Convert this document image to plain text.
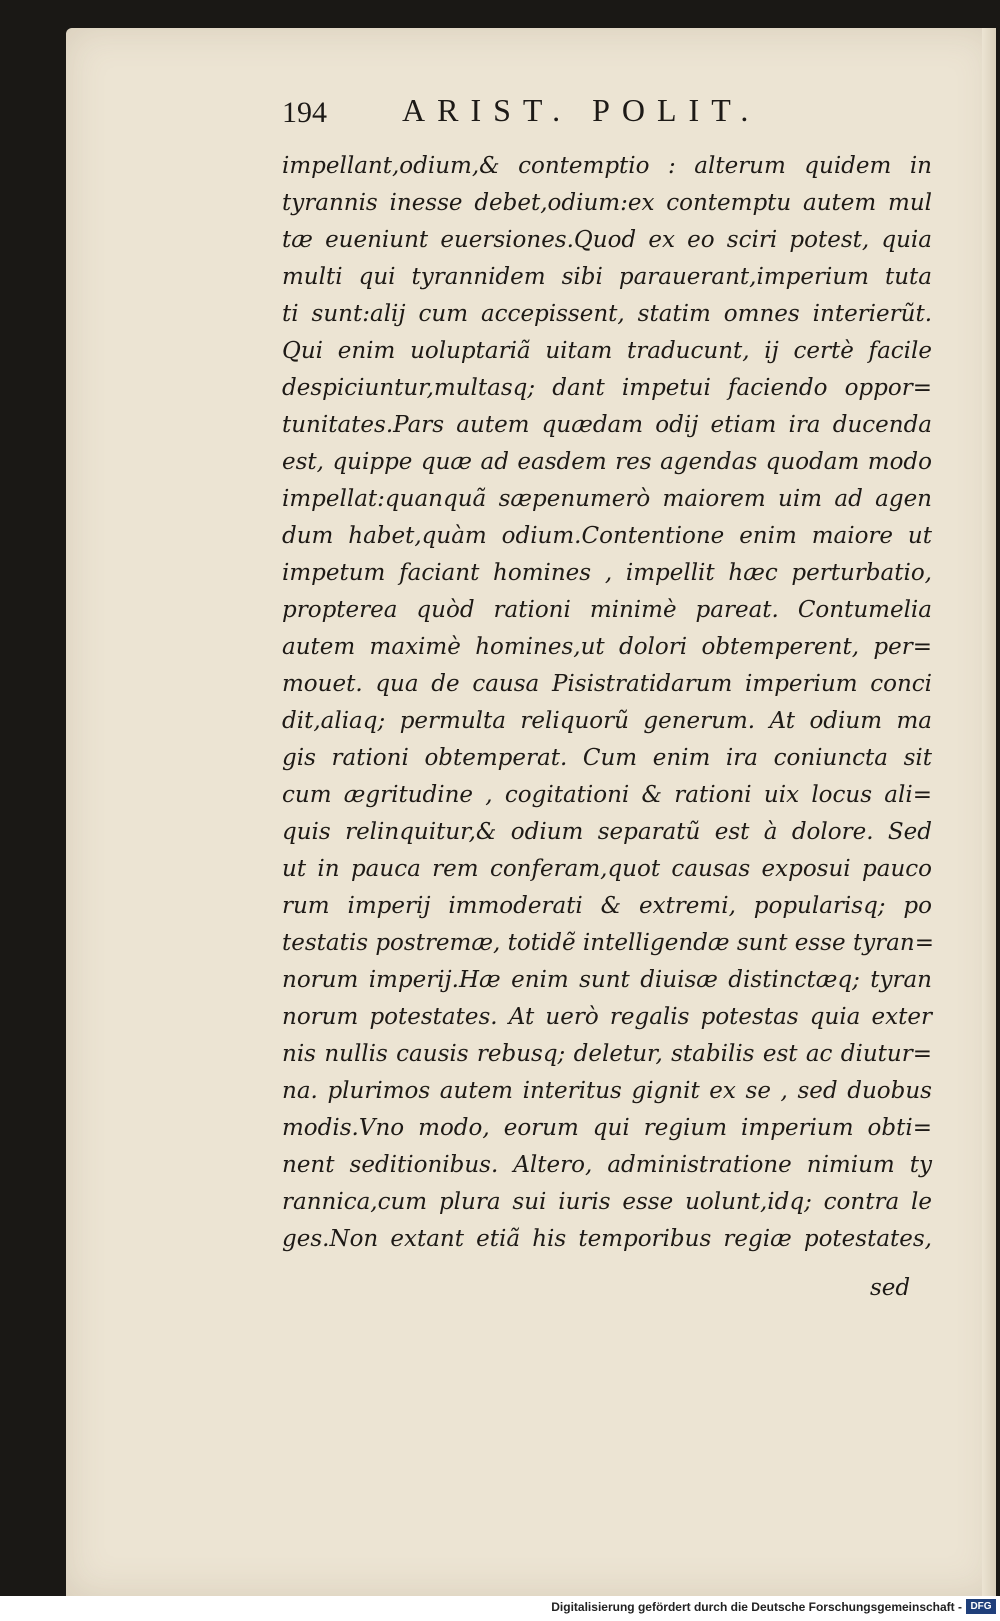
194 ARIST. POLIT.
impellant,odium,& contemptio : alterum quidem in
tyrannis inesse debet,odium:ex contemptu autem mul
tæ eueniunt euersiones.Quod ex eo sciri potest, quia
multi qui tyrannidem sibi parauerant,imperium tuta
ti sunt:alij cum accepissent, statim omnes interierũt.
Qui enim uoluptariã uitam traducunt, ij certè facile
despiciuntur,multasq; dant impetui faciendo oppor=
tunitates.Pars autem quædam odij etiam ira ducenda
est, quippe quæ ad easdem res agendas quodam modo
impellat:quanquã sæpenumerò maiorem uim ad agen
dum habet,quàm odium.Contentione enim maiore ut
impetum faciant homines , impellit hæc perturbatio,
propterea quòd rationi minimè pareat. Contumelia
autem maximè homines,ut dolori obtemperent, per=
mouet. qua de causa Pisistratidarum imperium conci
dit,aliaq; permulta reliquorũ generum. At odium ma
gis rationi obtemperat. Cum enim ira coniuncta sit
cum ægritudine , cogitationi & rationi uix locus ali=
quis relinquitur,& odium separatũ est à dolore. Sed
ut in pauca rem conferam,quot causas exposui pauco
rum imperij immoderati & extremi, popularisq; po
testatis postremæ, totidẽ intelligendæ sunt esse tyran=
norum imperij.Hæ enim sunt diuisæ distinctæq; tyran
norum potestates. At uerò regalis potestas quia exter
nis nullis causis rebusq; deletur, stabilis est ac diutur=
na. plurimos autem interitus gignit ex se , sed duobus
modis.Vno modo, eorum qui regium imperium obti=
nent seditionibus. Altero, administratione nimium ty
rannica,cum plura sui iuris esse uolunt,idq; contra le
ges.Non extant etiã his temporibus regiæ potestates,
sed
Digitalisierung gefördert durch die Deutsche Forschungsgemeinschaft - DFG
